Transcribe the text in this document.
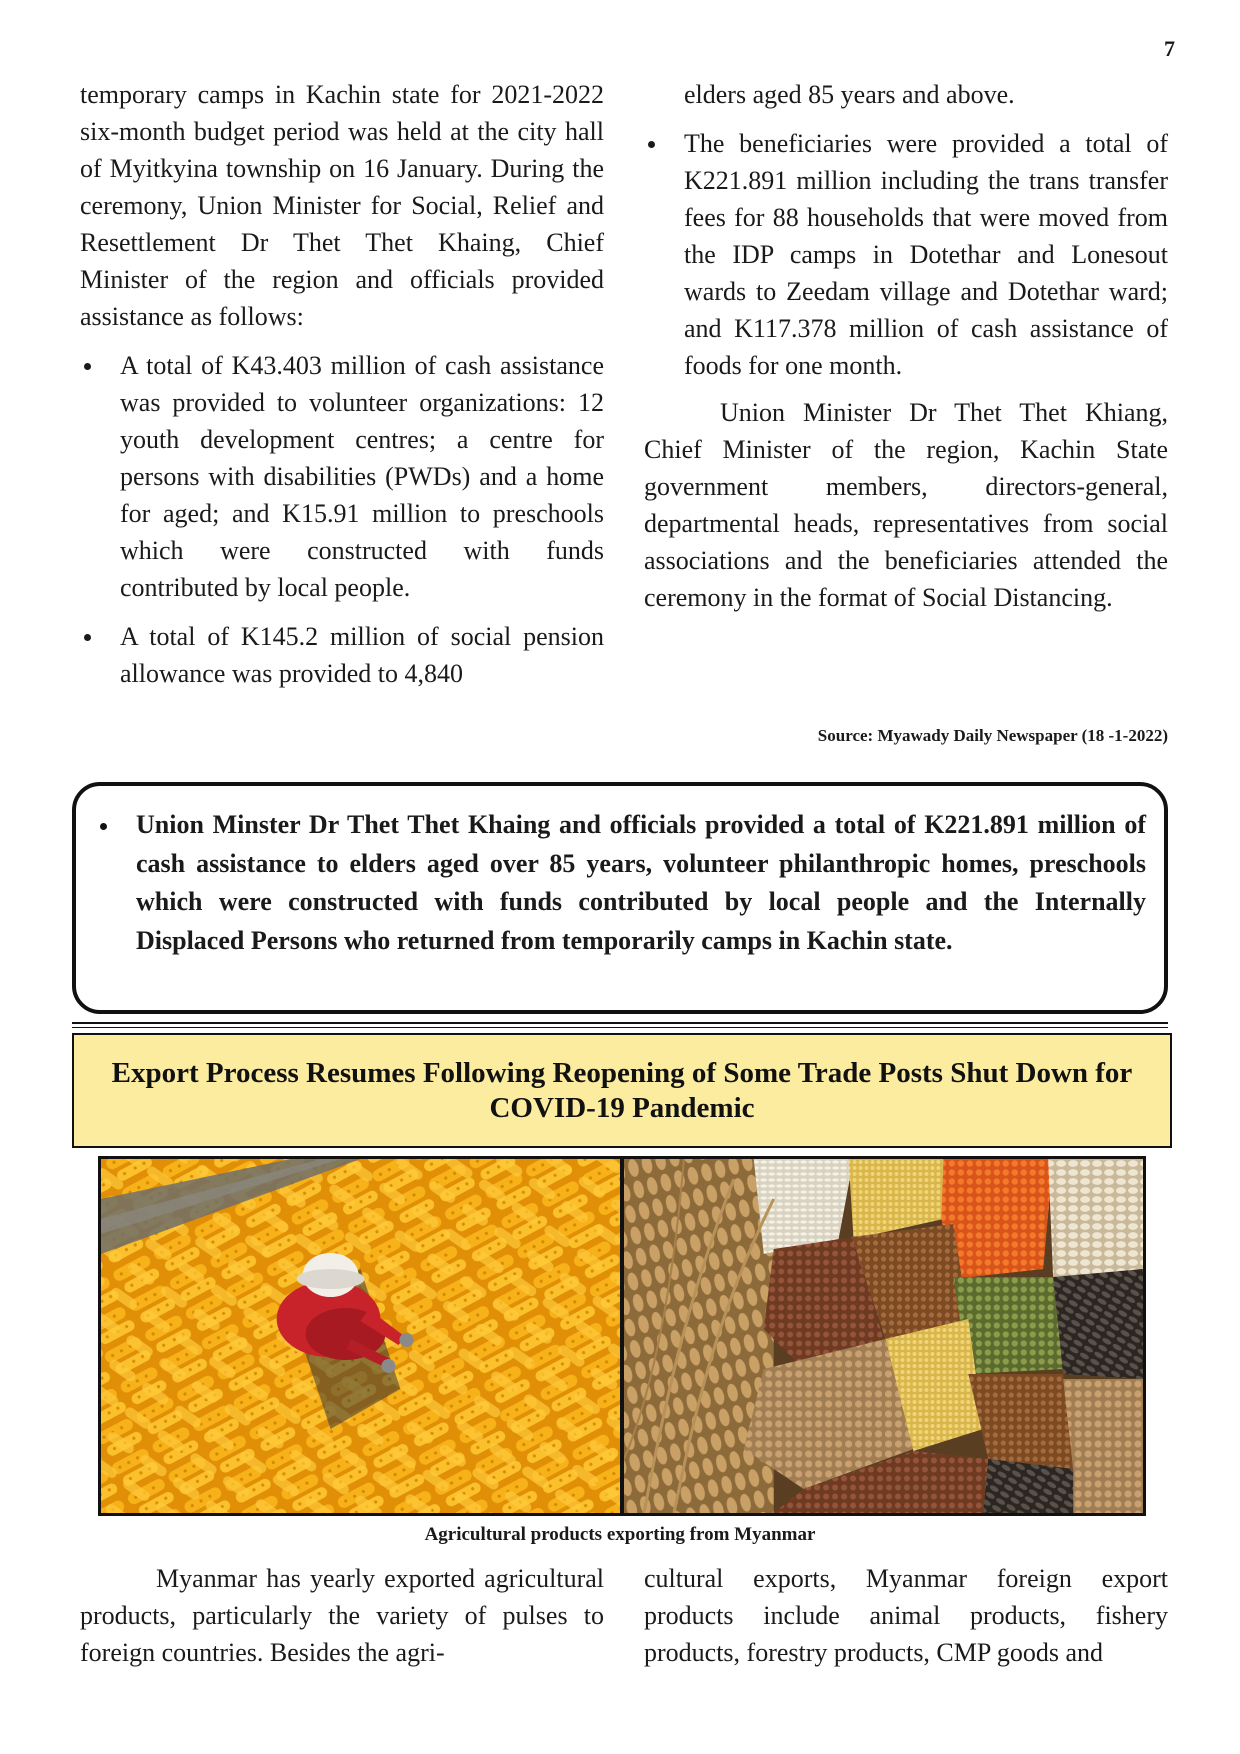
7

temporary camps in Kachin state for 2021-2022 six-month budget period was held at the city hall of Myitkyina township on 16 January. During the ceremony, Union Minister for Social, Relief and Resettlement Dr Thet Thet Khaing, Chief Minister of the region and officials provided assistance as follows:

A total of K43.403 million of cash assistance was provided to volunteer organizations: 12 youth development centres; a centre for persons with disabilities (PWDs) and a home for aged; and K15.91 million to preschools which were constructed with funds contributed by local people.
A total of K145.2 million of social pension allowance was provided to 4,840

elders aged 85 years and above.

The beneficiaries were provided a total of K221.891 million including the trans transfer fees for 88 households that were moved from the IDP camps in Dotethar and Lonesout wards to Zeedam village and Dotethar ward; and K117.378 million of cash assistance of foods for one month.

Union Minister Dr Thet Thet Khiang, Chief Minister of the region, Kachin State government members, directors-general, departmental heads, representatives from social associations and the beneficiaries attended the ceremony in the format of Social Distancing.

Source: Myawady Daily Newspaper (18 -1-2022)
Union Minster Dr Thet Thet Khaing and officials provided a total of K221.891 million of cash assistance to elders aged over 85 years, volunteer philanthropic homes, preschools which were constructed with funds contributed by local people and the Internally Displaced Persons who returned from temporarily camps in Kachin state.
Export Process Resumes Following Reopening of Some Trade Posts Shut Down for COVID-19 Pandemic
Agricultural products exporting from Myanmar

Myanmar has yearly exported agricultural products, particularly the variety of pulses to foreign countries. Besides the agri-

cultural exports, Myanmar foreign export products include animal products, fishery products, forestry products, CMP goods and
